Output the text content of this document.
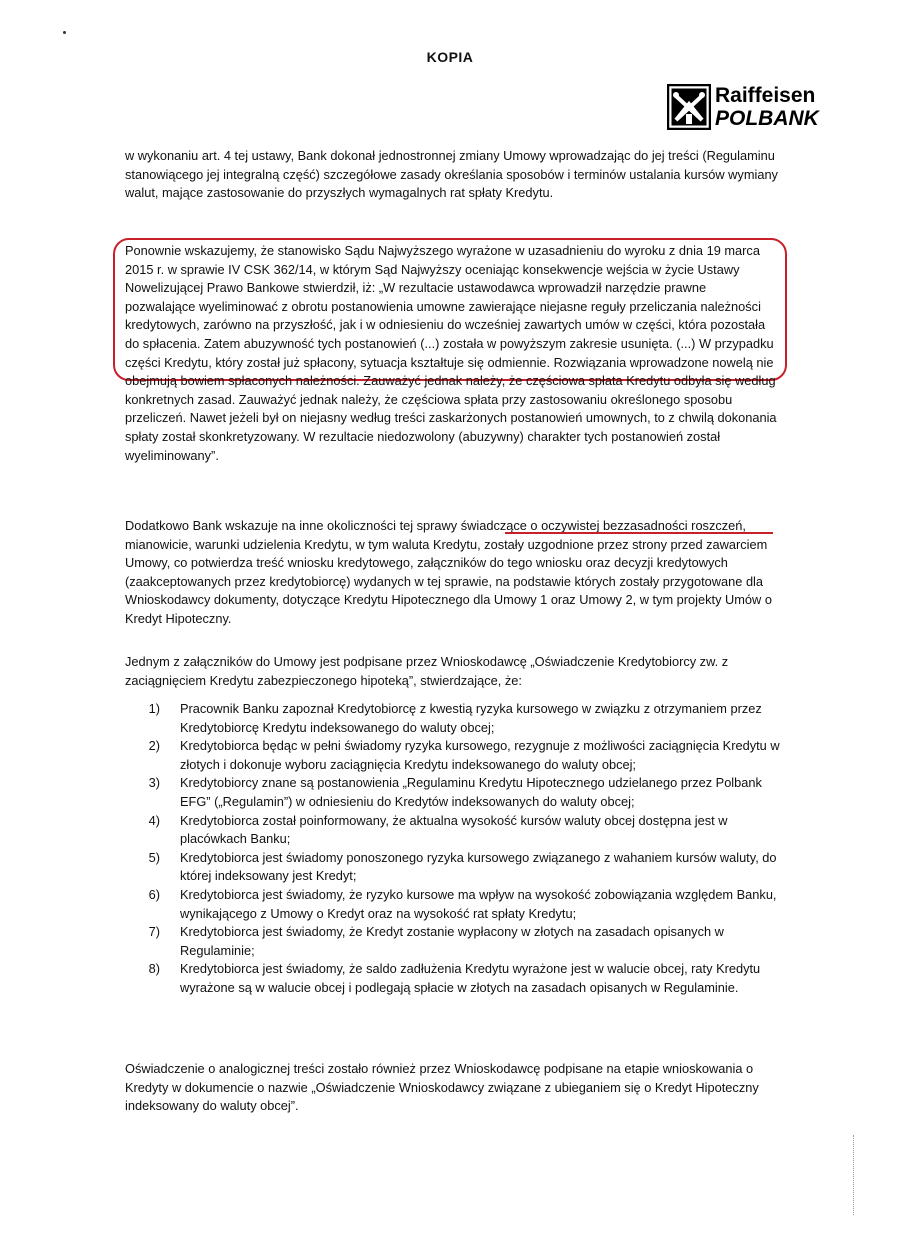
KOPIA
Raiffeisen
POLBANK
w wykonaniu art. 4 tej ustawy, Bank dokonał jednostronnej zmiany Umowy wprowadzając do jej treści (Regulaminu stanowiącego jej integralną część) szczegółowe zasady określania sposobów i terminów ustalania kursów wymiany walut, mające zastosowanie do przyszłych wymagalnych rat spłaty Kredytu.
Ponownie wskazujemy, że stanowisko Sądu Najwyższego wyrażone w uzasadnieniu do wyroku z dnia 19 marca 2015 r. w sprawie IV CSK 362/14, w którym Sąd Najwyższy oceniając konsekwencje wejścia w życie Ustawy Nowelizującej Prawo Bankowe stwierdził, iż: „W rezultacie ustawodawca wprowadził narzędzie prawne pozwalające wyeliminować z obrotu postanowienia umowne zawierające niejasne reguły przeliczania należności kredytowych, zarówno na przyszłość, jak i w odniesieniu do wcześniej zawartych umów w części, która pozostała do spłacenia. Zatem abuzywność tych postanowień (...) została w powyższym zakresie usunięta. (...) W przypadku części Kredytu, który został już spłacony, sytuacja kształtuje się odmiennie. Rozwiązania wprowadzone nowelą nie obejmują bowiem spłaconych należności. Zauważyć jednak należy, że częściowa spłata Kredytu odbyła się według konkretnych zasad. Zauważyć jednak należy, że częściowa spłata przy zastosowaniu określonego sposobu przeliczeń. Nawet jeżeli był on niejasny według treści zaskarżonych postanowień umownych, to z chwilą dokonania spłaty został skonkretyzowany. W rezultacie niedozwolony (abuzywny) charakter tych postanowień został wyeliminowany”.
Dodatkowo Bank wskazuje na inne okoliczności tej sprawy świadczące o oczywistej bezzasadności roszczeń, mianowicie, warunki udzielenia Kredytu, w tym waluta Kredytu, zostały uzgodnione przez strony przed zawarciem Umowy, co potwierdza treść wniosku kredytowego, załączników do tego wniosku oraz decyzji kredytowych (zaakceptowanych przez kredytobiorcę) wydanych w tej sprawie, na podstawie których zostały przygotowane dla Wnioskodawcy dokumenty, dotyczące Kredytu Hipotecznego dla Umowy 1 oraz Umowy 2, w tym projekty Umów o Kredyt Hipoteczny.
Jednym z załączników do Umowy jest podpisane przez Wnioskodawcę „Oświadczenie Kredytobiorcy zw. z zaciągnięciem Kredytu zabezpieczonego hipoteką”, stwierdzające, że:
1) Pracownik Banku zapoznał Kredytobiorcę z kwestią ryzyka kursowego w związku z otrzymaniem przez Kredytobiorcę Kredytu indeksowanego do waluty obcej;
2) Kredytobiorca będąc w pełni świadomy ryzyka kursowego, rezygnuje z możliwości zaciągnięcia Kredytu w złotych i dokonuje wyboru zaciągnięcia Kredytu indeksowanego do waluty obcej;
3) Kredytobiorcy znane są postanowienia „Regulaminu Kredytu Hipotecznego udzielanego przez Polbank EFG” („Regulamin”) w odniesieniu do Kredytów indeksowanych do waluty obcej;
4) Kredytobiorca został poinformowany, że aktualna wysokość kursów waluty obcej dostępna jest w placówkach Banku;
5) Kredytobiorca jest świadomy ponoszonego ryzyka kursowego związanego z wahaniem kursów waluty, do której indeksowany jest Kredyt;
6) Kredytobiorca jest świadomy, że ryzyko kursowe ma wpływ na wysokość zobowiązania względem Banku, wynikającego z Umowy o Kredyt oraz na wysokość rat spłaty Kredytu;
7) Kredytobiorca jest świadomy, że Kredyt zostanie wypłacony w złotych na zasadach opisanych w Regulaminie;
8) Kredytobiorca jest świadomy, że saldo zadłużenia Kredytu wyrażone jest w walucie obcej, raty Kredytu wyrażone są w walucie obcej i podlegają spłacie w złotych na zasadach opisanych w Regulaminie.
Oświadczenie o analogicznej treści zostało również przez Wnioskodawcę podpisane na etapie wnioskowania o Kredyty w dokumencie o nazwie „Oświadczenie Wnioskodawcy związane z ubieganiem się o Kredyt Hipoteczny indeksowany do waluty obcej”.
